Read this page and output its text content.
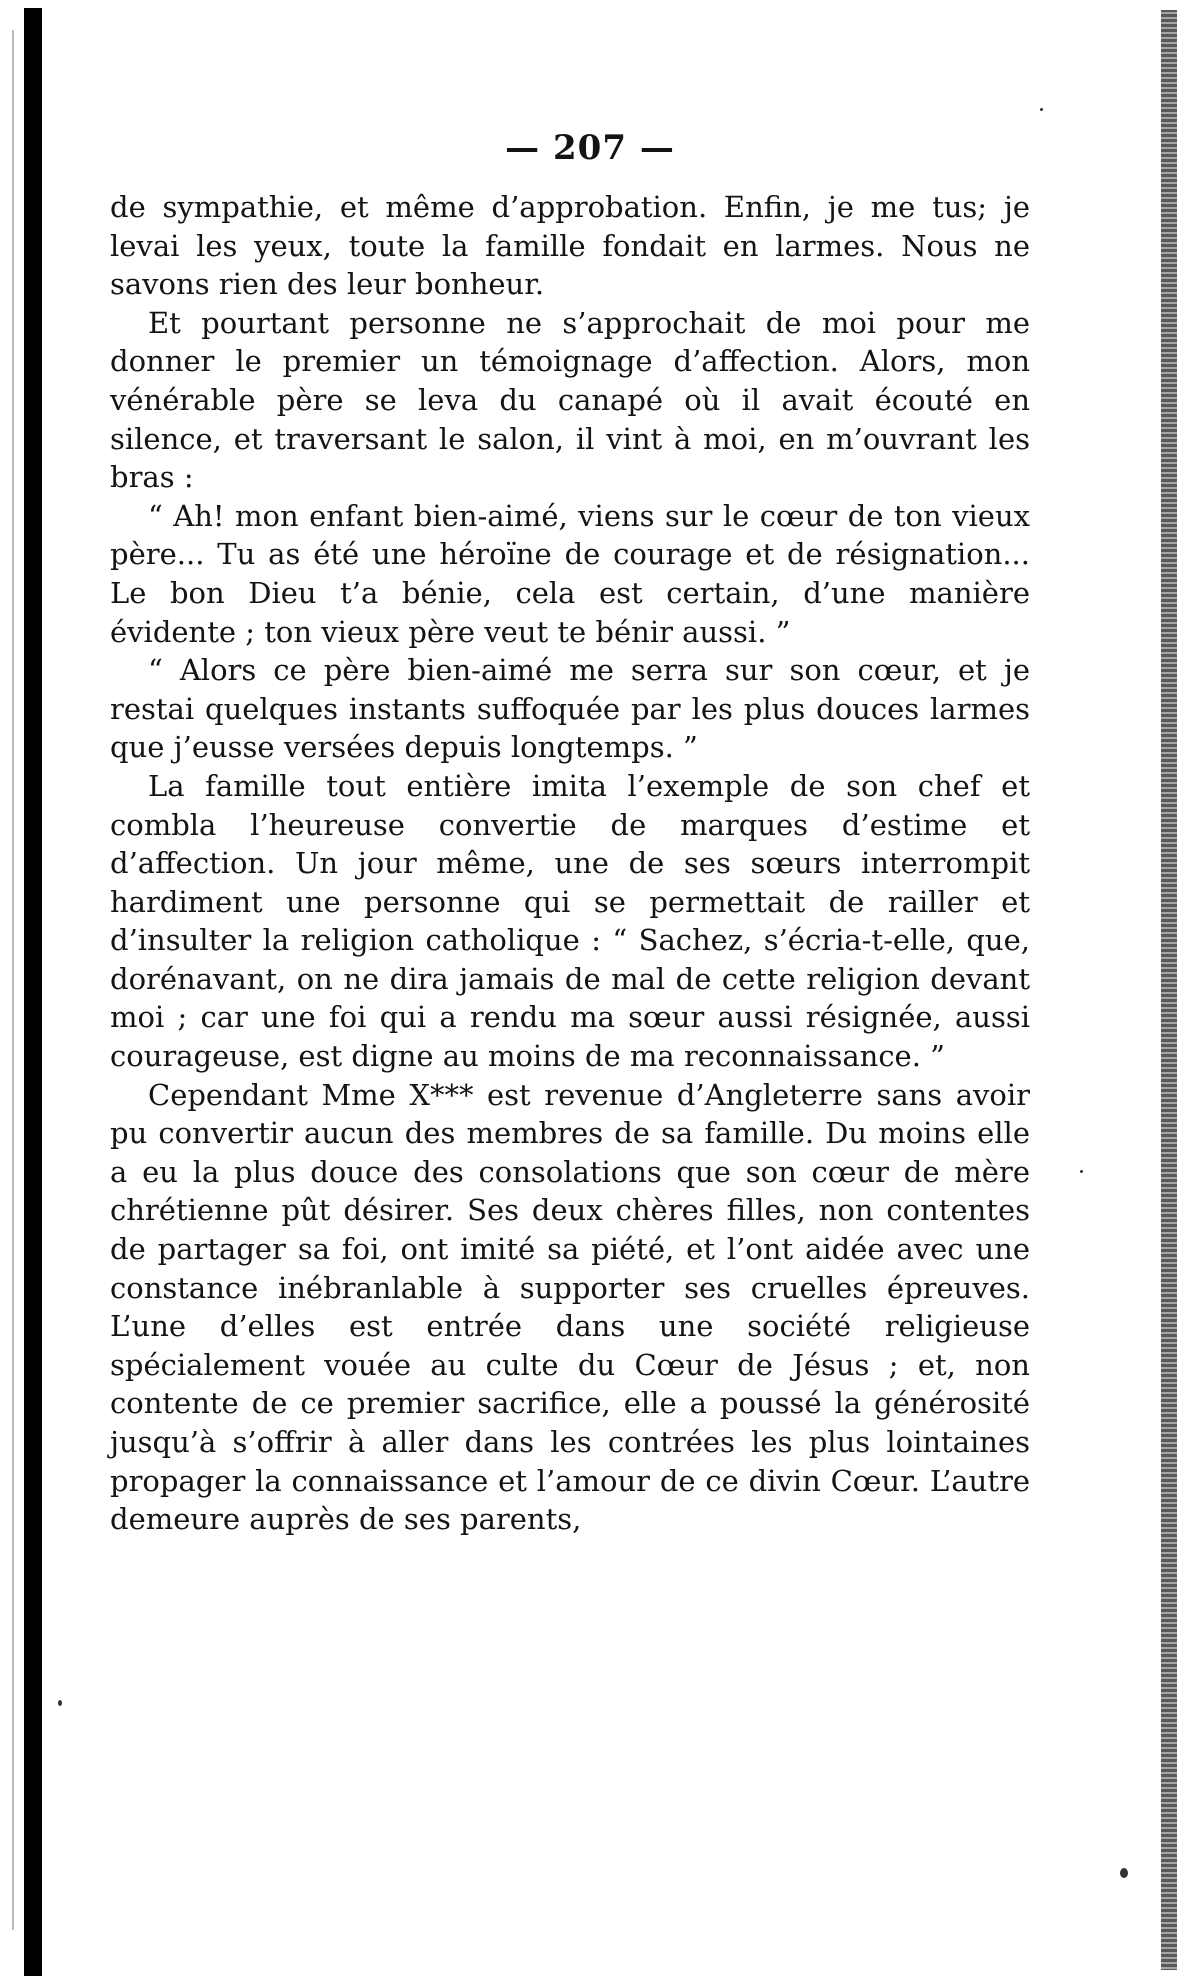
— 207 —

de sympathie, et même d’approbation. Enfin, je me tus; je levai les yeux, toute la famille fondait en larmes. Nous ne savons rien des leur bonheur.

Et pourtant personne ne s’approchait de moi pour me donner le premier un témoignage d’affection. Alors, mon vénérable père se leva du canapé où il avait écouté en silence, et traversant le salon, il vint à moi, en m’ouvrant les bras :

“ Ah! mon enfant bien-aimé, viens sur le cœur de ton vieux père... Tu as été une héroïne de courage et de résignation... Le bon Dieu t’a bénie, cela est certain, d’une manière évidente ; ton vieux père veut te bénir aussi. ”

“ Alors ce père bien-aimé me serra sur son cœur, et je restai quelques instants suffoquée par les plus douces larmes que j’eusse versées depuis longtemps. ”

La famille tout entière imita l’exemple de son chef et combla l’heureuse convertie de marques d’estime et d’affection. Un jour même, une de ses sœurs interrompit hardiment une personne qui se permettait de railler et d’insulter la religion catholique : “ Sachez, s’écria-t-elle, que, dorénavant, on ne dira jamais de mal de cette religion devant moi ; car une foi qui a rendu ma sœur aussi résignée, aussi courageuse, est digne au moins de ma reconnaissance. ”

Cependant Mme X*** est revenue d’Angleterre sans avoir pu convertir aucun des membres de sa famille. Du moins elle a eu la plus douce des consolations que son cœur de mère chrétienne pût désirer. Ses deux chères filles, non contentes de partager sa foi, ont imité sa piété, et l’ont aidée avec une constance inébranlable à supporter ses cruelles épreuves. L’une d’elles est entrée dans une société religieuse spécialement vouée au culte du Cœur de Jésus ; et, non contente de ce premier sacrifice, elle a poussé la générosité jusqu’à s’offrir à aller dans les contrées les plus lointaines propager la connaissance et l’amour de ce divin Cœur. L’autre demeure auprès de ses parents,
